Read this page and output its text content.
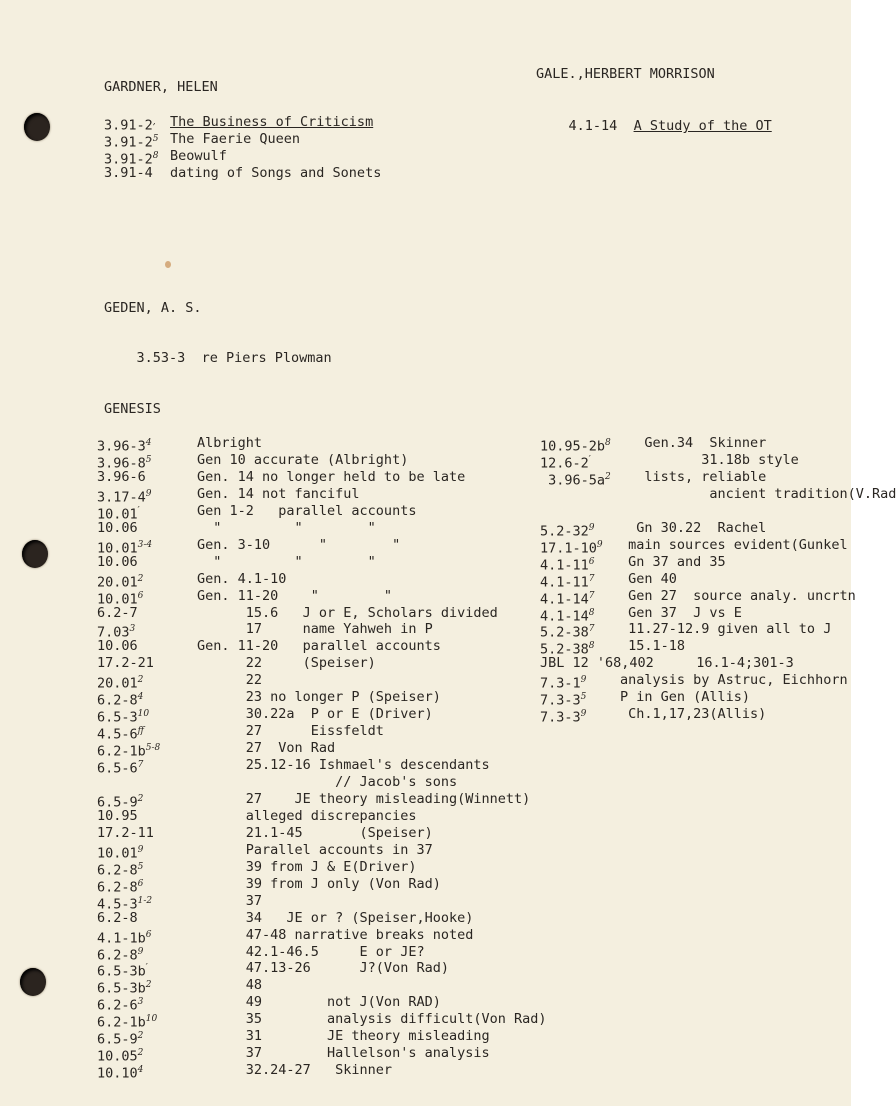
GARDNER, HELEN
3.91-2, The Business of Criticism
$3.91-2^5$ The Faerie Queen
$3.91-2^8$ Beowulf
3.91-4 dating of Songs and Sonets
GALE.,HERBERT MORRISON

4.1-14 A Study of the OT

GEDEN, A. S.

3.53-3 re Piers Plowman

GENESIS
$3.96-3^4$	Albright
$3.96-8^5$	Gen 10 accurate (Albright)
3.96-6	Gen. 14 no longer held to be late
$3.17-4^9$	Gen. 14 not fanciful
10.01′	Gen 1-2   parallel accounts
10.06	"         "        "
10.01$^{3-4}$	Gen. 3-10      "        "
10.06	"         "        "
20.01$^2$	Gen. 4.1-10
10.01$^6$	Gen. 11-20    "        "
6.2-7	15.6   J or E, Scholars divided
7.03$^3$	17     name Yahweh in P
10.06	Gen. 11-20   parallel accounts
17.2-21	22     (Speiser)
20.01$^2$	22
$6.2-8^4$	23 no longer P (Speiser)
$6.5-3^{10}$	30.22a  P or E (Driver)
$4.5-6^{ff}$	27      Eissfeldt
$6.2-1b^{5-8}$	27  Von Rad
$6.5-6^7$	25.12-16 Ishmael's descendants
// Jacob's sons
$6.5-9^2$	27    JE theory misleading(Winnett)
10.95	alleged discrepancies
17.2-11	21.1-45       (Speiser)
10.01$^9$	Parallel accounts in 37
$6.2-8^5$	39 from J & E(Driver)
$6.2-8^6$	39 from J only (Von Rad)
4.5-3$^{1-2}$	37
6.2-8	34   JE or ? (Speiser,Hooke)
$4.1-1b^6$	47-48 narrative breaks noted
$6.2-8^9$	42.1-46.5     E or JE?
6.5-3b′	47.13-26      J?(Von Rad)
$6.5-3b^2$	48
$6.2-6^3$	49        not J(Von RAD)
$6.2-1b^{10}$	35        analysis difficult(Von Rad)
$6.5-9^2$	31        JE theory misleading
10.05$^2$	37        Hallelson's analysis
10.10$^4$	32.24-27   Skinner
$10.95-2b^8$ Gen.34  Skinner
12.6-2′ 31.18b style
$3.96-5a^2$ lists, reliable
ancient tradition(V.Rad
$5.2-32^9$ Gn 30.22  Rachel
$17.1-10^9$ main sources evident(Gunkel
$4.1-11^6$ Gn 37 and 35
$4.1-11^7$ Gen 40
$4.1-14^7$ Gen 27  source analy. uncrtn
$4.1-14^8$ Gen 37  J vs E
$5.2-38^7$ 11.27-12.9 given all to J
$5.2-38^8$ 15.1-18
JBL 12 '68,402 16.1-4;301-3
$7.3-1^9$ analysis by Astruc, Eichhorn
$7.3-3^5$ P in Gen (Allis)
$7.3-3^9$ Ch.1,17,23(Allis)
